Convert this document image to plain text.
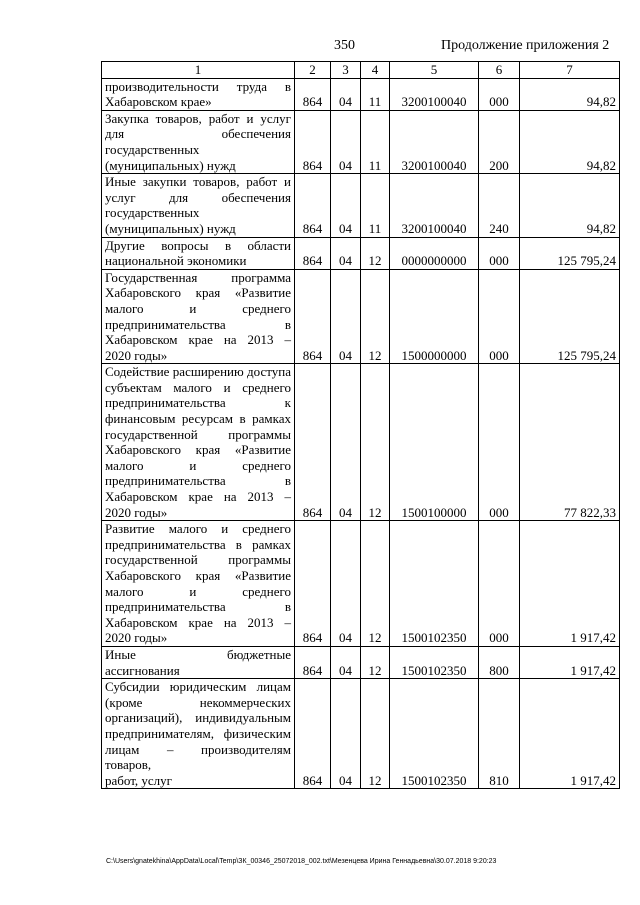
350	Продолжение приложения 2
1	2	3	4	5	6	7
производительности труда в
Хабаровском крае»	864	04	11	3200100040	000	94,82
Закупка товаров, работ и услуг для обеспечения государственных
(муниципальных) нужд	864	04	11	3200100040	200	94,82
Иные закупки товаров, работ и услуг для обеспечения государственных
(муниципальных) нужд	864	04	11	3200100040	240	94,82
Другие вопросы в области
национальной экономики	864	04	12	0000000000	000	125 795,24
Государственная программа Хабаровского края «Развитие малого и среднего предпринимательства в Хабаровском крае на 2013 –
2020 годы»	864	04	12	1500000000	000	125 795,24
Содействие расширению доступа субъектам малого и среднего предпринимательства к финансовым ресурсам в рамках государственной программы Хабаровского края «Развитие малого и среднего предпринимательства в Хабаровском крае на 2013 –
2020 годы»	864	04	12	1500100000	000	77 822,33
Развитие малого и среднего предпринимательства в рамках государственной программы Хабаровского края «Развитие малого и среднего предпринимательства в Хабаровском крае на 2013 –
2020 годы»	864	04	12	1500102350	000	1 917,42
Иные бюджетные
ассигнования	864	04	12	1500102350	800	1 917,42
Субсидии юридическим лицам (кроме некоммерческих организаций), индивидуальным предпринимателям, физическим лицам – производителям товаров,
работ, услуг	864	04	12	1500102350	810	1 917,42
C:\Users\gnatekhina\AppData\Local\Temp\ЗК_00346_25072018_002.txt\Мезенцева Ирина Геннадьевна\30.07.2018 9:20:23
